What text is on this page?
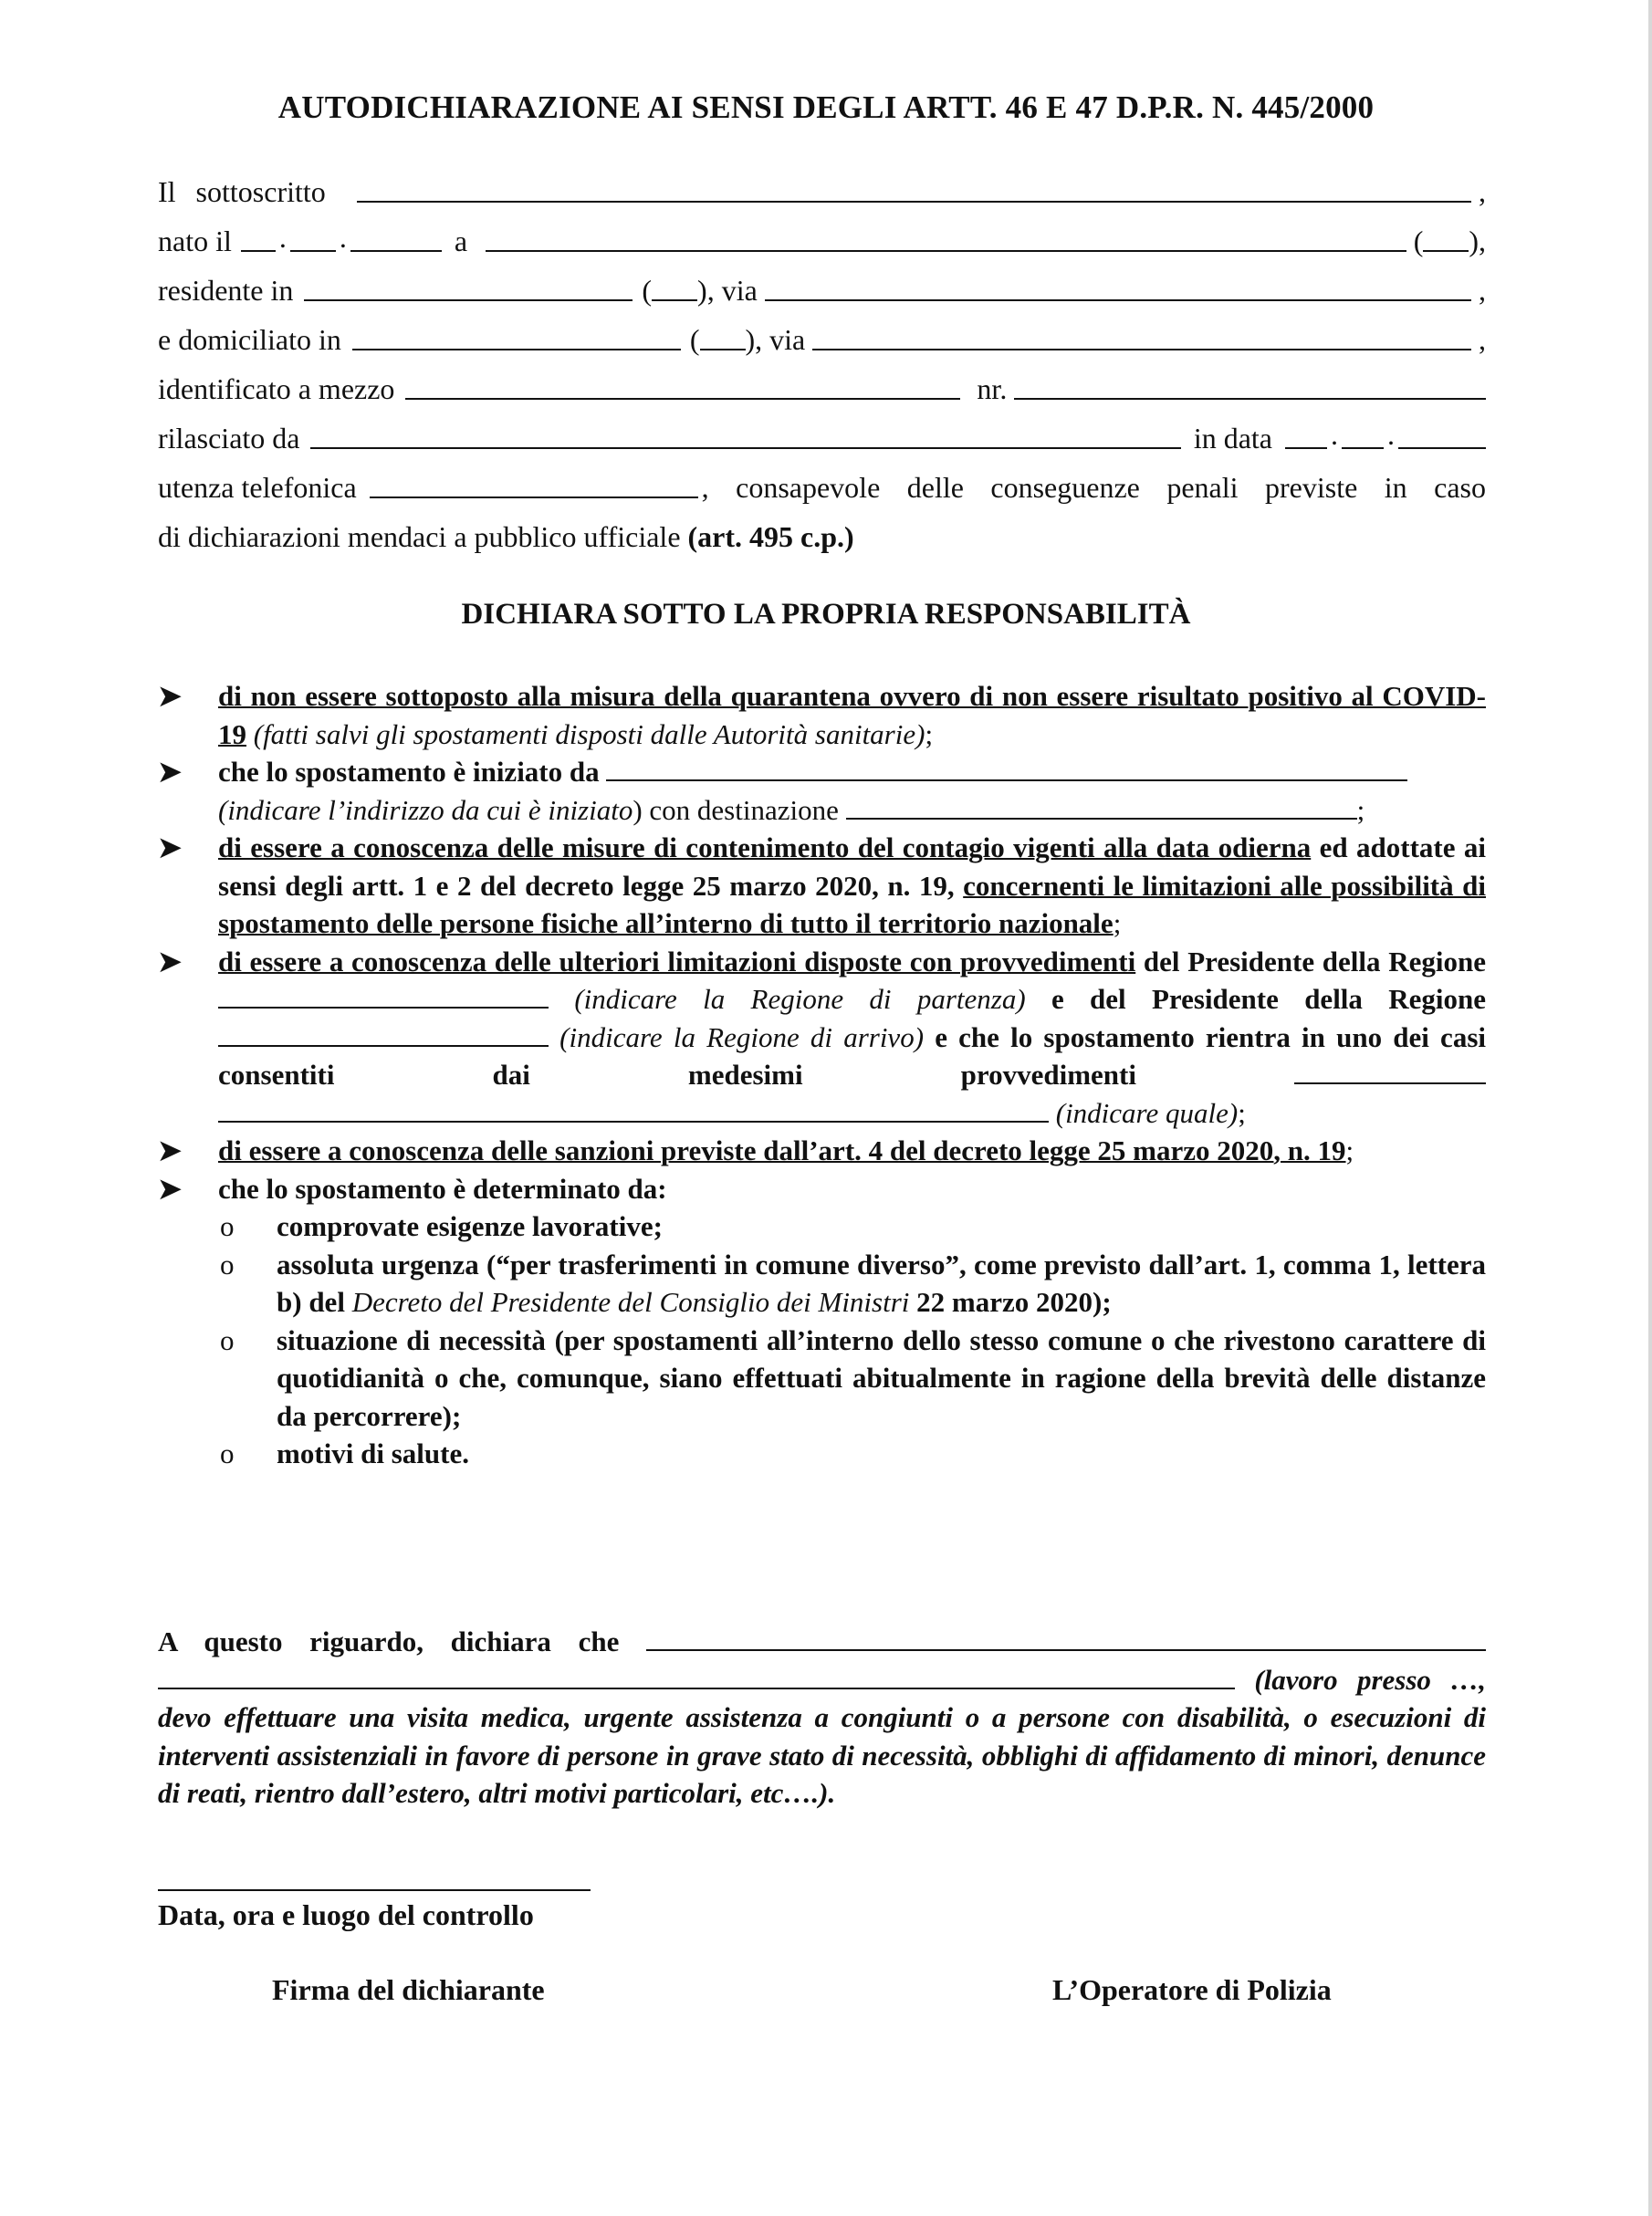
AUTODICHIARAZIONE AI SENSI DEGLI ARTT. 46 E 47 D.P.R. N. 445/2000
Il sottoscritto	,
nato il . .	a	( ),
residente in	( ), via	,
e domiciliato in	( ), via	,
identificato a mezzo	nr.
rilasciato da	in data . .
utenza telefonica	, consapevole delle conseguenze penali previste in caso
di dichiarazioni mendaci a pubblico ufficiale (art. 495 c.p.)
DICHIARA SOTTO LA PROPRIA RESPONSABILITÀ
➤ di non essere sottoposto alla misura della quarantena ovvero di non essere risultato positivo al COVID-19 (fatti salvi gli spostamenti disposti dalle Autorità sanitarie);
➤ che lo spostamento è iniziato da
(indicare l’indirizzo da cui è iniziato) con destinazione	;
➤ di essere a conoscenza delle misure di contenimento del contagio vigenti alla data odierna ed adottate ai sensi degli artt. 1 e 2 del decreto legge 25 marzo 2020, n. 19, concernenti le limitazioni alle possibilità di spostamento delle persone fisiche all’interno di tutto il territorio nazionale;
➤ di essere a conoscenza delle ulteriori limitazioni disposte con provvedimenti del Presidente della Regione  (indicare la Regione di partenza) e del Presidente della Regione  (indicare la Regione di arrivo) e che lo spostamento rientra in uno dei casi consentiti dai medesimi provvedimenti  (indicare quale);
➤ di essere a conoscenza delle sanzioni previste dall’art. 4 del decreto legge 25 marzo 2020, n. 19;
➤ che lo spostamento è determinato da:
o comprovate esigenze lavorative;
o assoluta urgenza (“per trasferimenti in comune diverso”, come previsto dall’art. 1, comma 1, lettera b) del Decreto del Presidente del Consiglio dei Ministri 22 marzo 2020);
o situazione di necessità (per spostamenti all’interno dello stesso comune o che rivestono carattere di quotidianità o che, comunque, siano effettuati abitualmente in ragione della brevità delle distanze da percorrere);
o motivi di salute.
A questo riguardo, dichiara che  (lavoro presso …, devo effettuare una visita medica, urgente assistenza a congiunti o a persone con disabilità, o esecuzioni di interventi assistenziali in favore di persone in grave stato di necessità, obblighi di affidamento di minori, denunce di reati, rientro dall’estero, altri motivi particolari, etc….).
Data, ora e luogo del controllo
Firma del dichiarante	L’Operatore di Polizia
